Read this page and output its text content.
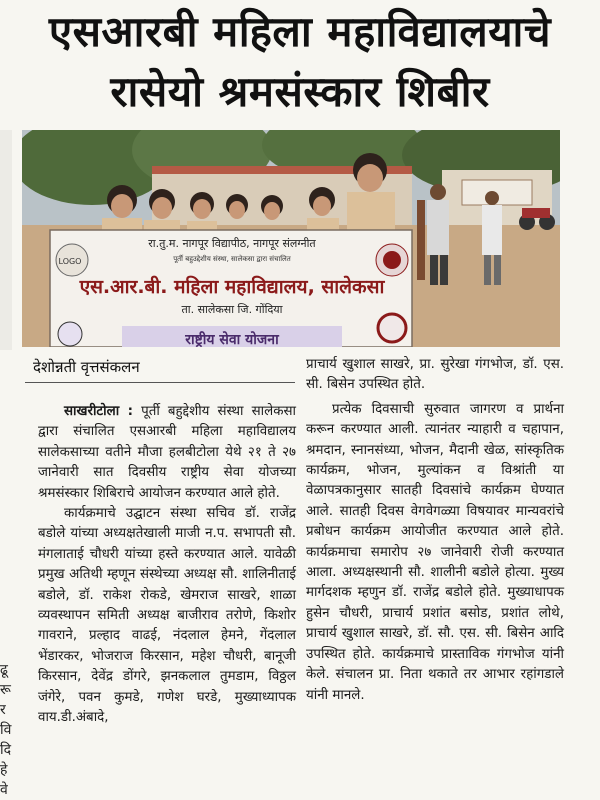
एसआरबी महिला महाविद्यालयाचे
रासेयो श्रमसंस्कार शिबीर
LOGO
रा.तु.म. नागपूर विद्यापीठ, नागपूर संलग्नीत
पूर्ती बहुउद्देशीय संस्था, सालेकसा द्वारा संचालित
एस.आर.बी. महिला महाविद्यालय, सालेकसा
ता. सालेकसा जि. गोंदिया
राष्ट्रीय सेवा योजना
देशोन्नती वृत्तसंकलन

साखरीटोला : पूर्ती बहुद्देशीय संस्था सालेकसा द्वारा संचालित एसआरबी महिला महाविद्यालय सालेकसाच्या वतीने मौजा हलबीटोला येथे २१ ते २७ जानेवारी सात दिवसीय राष्ट्रीय सेवा योजच्या श्रमसंस्कार शिबिराचे आयोजन करण्यात आले होते.

कार्यक्रमाचे उद्घाटन संस्था सचिव डॉ. राजेंद्र बडोले यांच्या अध्यक्षतेखाली माजी न.प. सभापती सौ. मंगलाताई चौधरी यांच्या हस्ते करण्यात आले. यावेळी प्रमुख अतिथी म्हणून संस्थेच्या अध्यक्ष सौ. शालिनीताई बडोले, डॉ. राकेश रोकडे, खेमराज साखरे, शाळा व्यवस्थापन समिती अध्यक्ष बाजीराव तरोणे, किशोर गावराने, प्रल्हाद वाढई, नंदलाल हेमने, गेंदलाल भेंडारकर, भोजराज किरसान, महेश चौधरी, बानूजी किरसान, देवेंद्र डोंगरे, झनकलाल तुमडाम, विठ्ठल जंगेरे, पवन कुमडे, गणेश घरडे, मुख्याध्यापक वाय.डी.अंबादे,

प्राचार्य खुशाल साखरे, प्रा. सुरेखा गंगभोज, डॉ. एस. सी. बिसेन उपस्थित होते.

प्रत्येक दिवसाची सुरुवात जागरण व प्रार्थना करून करण्यात आली. त्यानंतर न्याहारी व चहापान, श्रमदान, स्नानसंध्या, भोजन, मैदानी खेळ, सांस्कृतिक कार्यक्रम, भोजन, मुल्यांकन व विश्रांती या वेळापत्रकानुसार सातही दिवसांचे कार्यक्रम घेण्यात आले. सातही दिवस वेगवेगळ्या विषयावर मान्यवरांचे प्रबोधन कार्यक्रम आयोजीत करण्यात आले होते. कार्यक्रमाचा समारोप २७ जानेवारी रोजी करण्यात आला. अध्यक्षस्थानी सौ. शालीनी बडोले होत्या. मुख्य मार्गदशक म्हणुन डॉ. राजेंद्र बडोले होते. मुख्याधापक हुसेन चौधरी, प्राचार्य प्रशांत बसोड, प्रशांत लोथे, प्राचार्य खुशाल साखरे, डॉ. सौ. एस. सी. बिसेन आदि उपस्थित होते. कार्यक्रमाचे प्रास्ताविक गंगभोज यांनी केले. संचालन प्रा. निता थकाते तर आभार रहांगडाले यांनी मानले.

ढू
रू
र
वि
दि
हे
वे
